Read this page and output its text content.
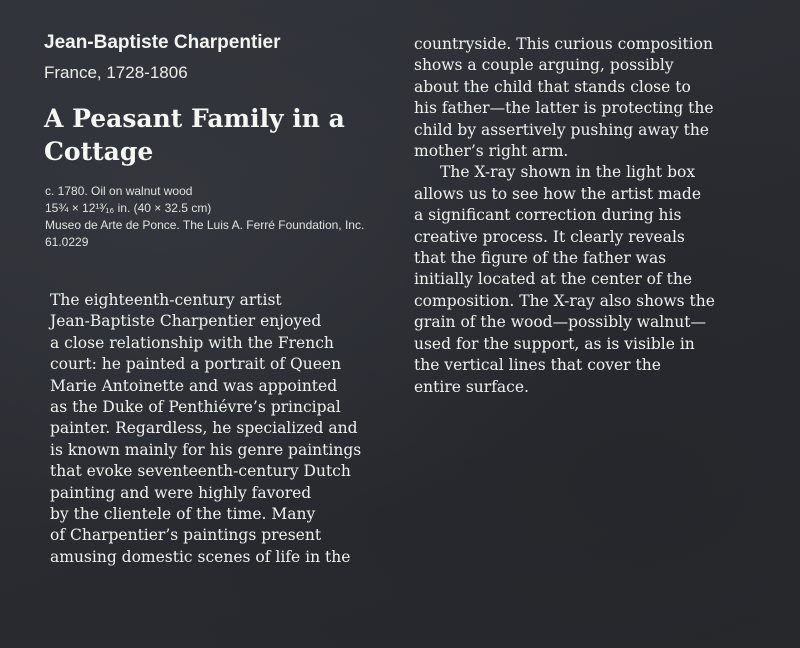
Jean-Baptiste Charpentier

France, 1728-1806

A Peasant Family in a
Cottage
c. 1780. Oil on walnut wood
15¾ × 12¹³⁄₁₆ in. (40 × 32.5 cm)
Museo de Arte de Ponce. The Luis A. Ferré Foundation, Inc.
61.0229
The eighteenth-century artist
Jean-Baptiste Charpentier enjoyed
a close relationship with the French
court: he painted a portrait of Queen
Marie Antoinette and was appointed
as the Duke of Penthiévre’s principal
painter. Regardless, he specialized and
is known mainly for his genre paintings
that evoke seventeenth-century Dutch
painting and were highly favored
by the clientele of the time. Many
of Charpentier’s paintings present
amusing domestic scenes of life in the
countryside. This curious composition
shows a couple arguing, possibly
about the child that stands close to
his father—the latter is protecting the
child by assertively pushing away the
mother’s right arm.
The X-ray shown in the light box
allows us to see how the artist made
a significant correction during his
creative process. It clearly reveals
that the figure of the father was
initially located at the center of the
composition. The X-ray also shows the
grain of the wood—possibly walnut—
used for the support, as is visible in
the vertical lines that cover the
entire surface.
